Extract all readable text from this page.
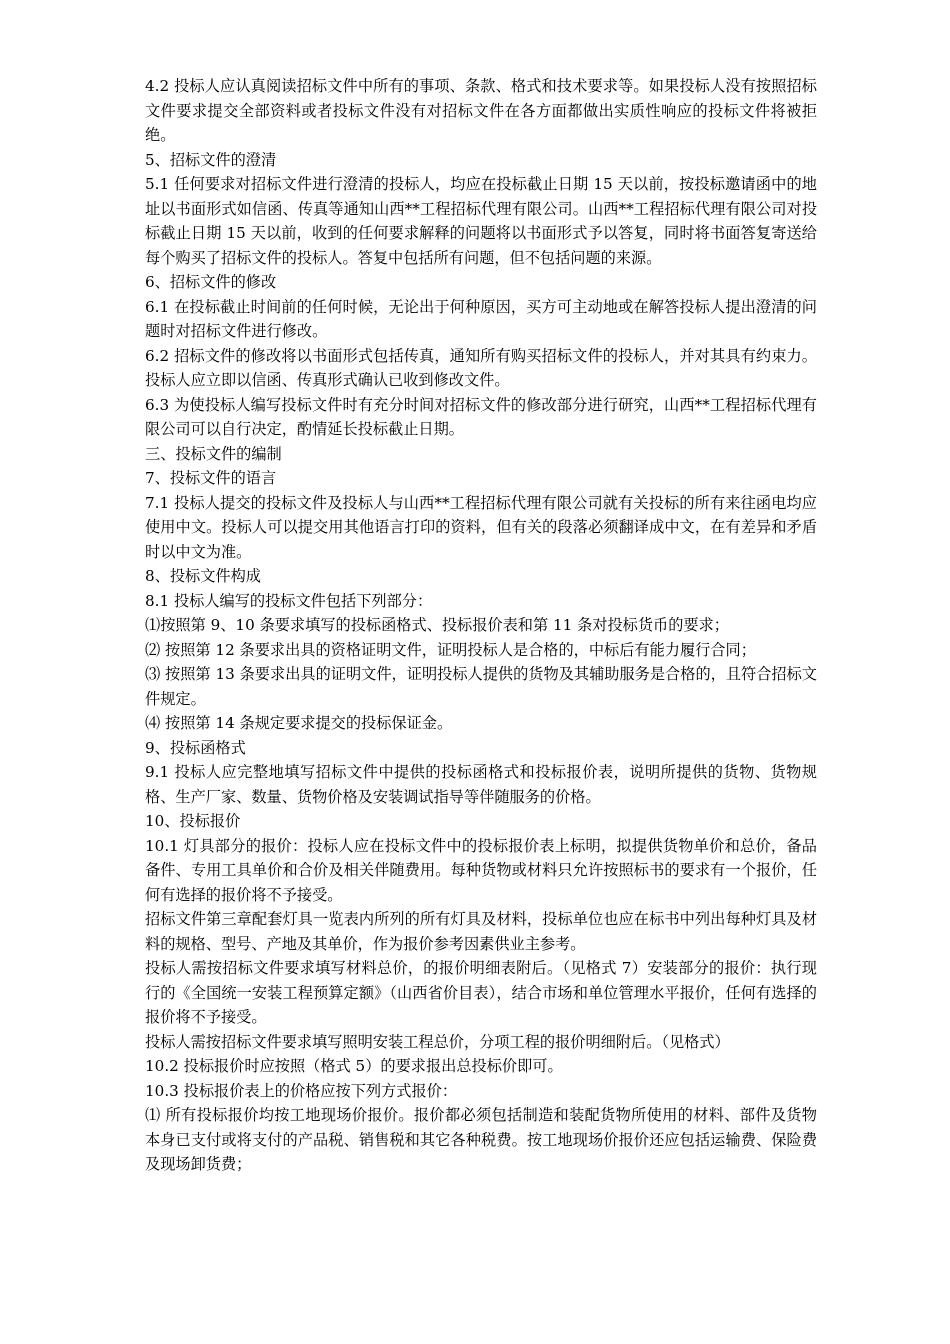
4.2 投标人应认真阅读招标文件中所有的事项、条款、格式和技术要求等。如果投标人没有按照招标文件要求提交全部资料或者投标文件没有对招标文件在各方面都做出实质性响应的投标文件将被拒绝。

5、招标文件的澄清

5.1 任何要求对招标文件进行澄清的投标人，均应在投标截止日期 15 天以前，按投标邀请函中的地址以书面形式如信函、传真等通知山西**工程招标代理有限公司。山西**工程招标代理有限公司对投标截止日期 15 天以前，收到的任何要求解释的问题将以书面形式予以答复，同时将书面答复寄送给每个购买了招标文件的投标人。答复中包括所有问题，但不包括问题的来源。

6、招标文件的修改

6.1 在投标截止时间前的任何时候，无论出于何种原因，买方可主动地或在解答投标人提出澄清的问题时对招标文件进行修改。

6.2 招标文件的修改将以书面形式包括传真，通知所有购买招标文件的投标人，并对其具有约束力。投标人应立即以信函、传真形式确认已收到修改文件。

6.3 为使投标人编写投标文件时有充分时间对招标文件的修改部分进行研究，山西**工程招标代理有限公司可以自行决定，酌情延长投标截止日期。

三、投标文件的编制

7、投标文件的语言

7.1 投标人提交的投标文件及投标人与山西**工程招标代理有限公司就有关投标的所有来往函电均应使用中文。投标人可以提交用其他语言打印的资料，但有关的段落必须翻译成中文，在有差异和矛盾时以中文为准。

8、投标文件构成

8.1 投标人编写的投标文件包括下列部分：

⑴按照第 9、10 条要求填写的投标函格式、投标报价表和第 11 条对投标货币的要求；

⑵ 按照第 12 条要求出具的资格证明文件，证明投标人是合格的，中标后有能力履行合同；

⑶ 按照第 13 条要求出具的证明文件，证明投标人提供的货物及其辅助服务是合格的，且符合招标文件规定。

⑷ 按照第 14 条规定要求提交的投标保证金。

9、投标函格式

9.1 投标人应完整地填写招标文件中提供的投标函格式和投标报价表，说明所提供的货物、货物规格、生产厂家、数量、货物价格及安装调试指导等伴随服务的价格。

10、投标报价

10.1 灯具部分的报价：投标人应在投标文件中的投标报价表上标明，拟提供货物单价和总价，备品备件、专用工具单价和合价及相关伴随费用。每种货物或材料只允许按照标书的要求有一个报价，任何有选择的报价将不予接受。

招标文件第三章配套灯具一览表内所列的所有灯具及材料，投标单位也应在标书中列出每种灯具及材料的规格、型号、产地及其单价，作为报价参考因素供业主参考。

投标人需按招标文件要求填写材料总价，的报价明细表附后。（见格式 7）安装部分的报价：执行现行的《全国统一安装工程预算定额》（山西省价目表），结合市场和单位管理水平报价，任何有选择的报价将不予接受。

投标人需按招标文件要求填写照明安装工程总价，分项工程的报价明细附后。（见格式）

10.2 投标报价时应按照（格式 5）的要求报出总投标价即可。

10.3 投标报价表上的价格应按下列方式报价：

⑴ 所有投标报价均按工地现场价报价。报价都必须包括制造和装配货物所使用的材料、部件及货物本身已支付或将支付的产品税、销售税和其它各种税费。按工地现场价报价还应包括运输费、保险费及现场卸货费；
